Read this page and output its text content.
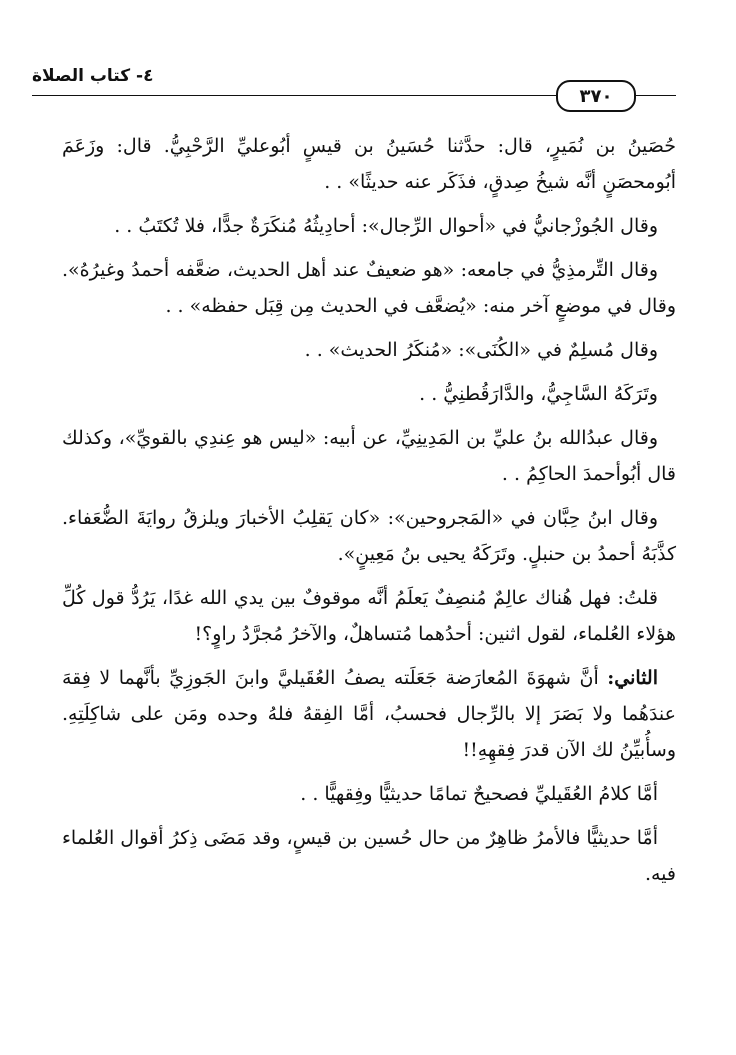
٤- كتاب الصلاة
٣٧٠

حُصَينُ بن نُمَيرٍ، قال: حدَّثنا حُسَينُ بن قيسٍ أبُوعليِّ الرَّحْبِيُّ. قال: وزَعَمَ أبُومحصَنٍ أنَّه شيخُ صِدقٍ، فذَكَر عنه حديثًا» . .

وقال الجُوزْجانيُّ في «أحوال الرِّجال»: أحادِيثُهُ مُنكَرَةٌ جدًّا، فلا تُكتَبُ . .

وقال التِّرمذِيُّ في جامعه: «هو ضعيفٌ عند أهل الحديث، ضعَّفه أحمدُ وغيرُهُ». وقال في موضعٍ آخر منه: «يُضعَّف في الحديث مِن قِبَل حفظه» . .

وقال مُسلِمٌ في «الكُنَى»: «مُنكَرُ الحديث» . .

وتَرَكَهُ السَّاجِيُّ، والدَّارَقُطنِيُّ . .

وقال عبدُالله بنُ عليِّ بن المَدِينِيِّ، عن أبيه: «ليس هو عِندِي بالقويِّ»، وكذلك قال أبُوأحمدَ الحاكِمُ . .

وقال ابنُ حِبَّان في «المَجروحين»: «كان يَقلِبُ الأخبارَ ويلزقُ روايَةَ الضُّعَفاء. كذَّبَهُ أحمدُ بن حنبلٍ. وتَرَكَهُ يحيى بنُ مَعِينٍ».

قلتُ: فهل هُناك عالِمٌ مُنصِفٌ يَعلَمُ أنَّه موقوفٌ بين يدي الله غدًا، يَرُدُّ قول كُلِّ هؤلاء العُلماء، لقول اثنين: أحدُهما مُتساهلٌ، والآخرُ مُجرَّدُ راوٍ؟!

الثاني: أنَّ شهوَةَ المُعارَضة جَعَلَته يصفُ العُقَيليَّ وابنَ الجَوزِيِّ بأنَّهما لا فِقهَ عندَهُما ولا بَصَرَ إلا بالرِّجال فحسبُ، أمَّا الفِقهُ فلهُ وحده ومَن على شاكِلَتِهِ. وسأُبيِّنُ لك الآن قدرَ فِقهِهِ!!

أمَّا كلامُ العُقَيليِّ فصحيحٌ تمامًا حديثيًّا وفِقهيًّا . .

أمَّا حديثيًّا فالأمرُ ظاهِرٌ من حال حُسين بن قيسٍ، وقد مَضَى ذِكرُ أقوال العُلماء فيه.
